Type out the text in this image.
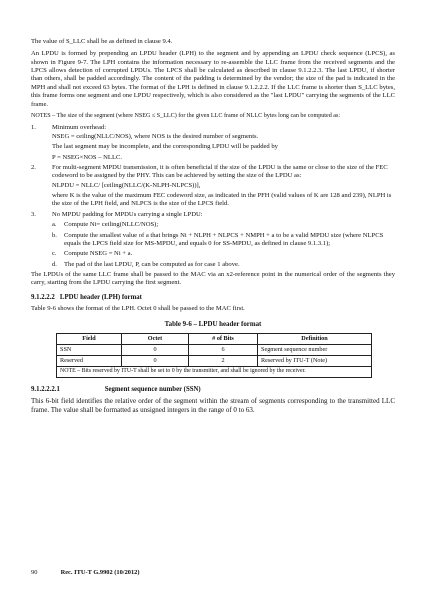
The value of S_LLC shall be as defined in clause 9.4.

An LPDU is formed by prepending an LPDU header (LPH) to the segment and by appending an LPDU check sequence (LPCS), as shown in Figure 9-7. The LPH contains the information necessary to re-assemble the LLC frame from the received segments and the LPCS allows detection of corrupted LPDUs. The LPCS shall be calculated as described in clause 9.1.2.2.3. The last LPDU, if shorter than others, shall be padded accordingly. The content of the padding is determined by the vendor; the size of the pad is indicated in the MPH and shall not exceed 63 bytes. The format of the LPH is defined in clause 9.1.2.2.2. If the LLC frame is shorter than S_LLC bytes, this frame forms one segment and one LPDU respectively, which is also considered as the "last LPDU" carrying the segments of the LLC frame.

NOTES – The size of the segment (where NSEG ≤ S_LLC) for the given LLC frame of NLLC bytes long can be computed as:

1. Minimum overhead:
NSEG = ceiling(NLLC/NOS), where NOS is the desired number of segments.
The last segment may be incomplete, and the corresponding LPDU will be padded by
P = NSEG×NOS – NLLC.
2. For multi-segment MPDU transmission, it is often beneficial if the size of the LPDU is the same or close to the size of the FEC codeword to be assigned by the PHY. This can be achieved by setting the size of the LPDU as:
NLPDU = NLLC/ [ceiling(NLLC/(K-NLPH-NLPCS))],
where K is the value of the maximum FEC codeword size, as indicated in the PFH (valid values of K are 128 and 239), NLPH is the size of the LPH field, and NLPCS is the size of the LPCS field.
3. No MPDU padding for MPDUs carrying a single LPDU:
a. Compute Ni= ceiling(NLLC/NOS);
b. Compute the smallest value of a that brings Ni + NLPH + NLPCS + NMPH + a to be a valid MPDU size (where NLPCS equals the LPCS field size for MS-MPDU, and equals 0 for SS-MPDU, as defined in clause 9.1.3.1);
c. Compute NSEG = Ni + a.
d. The pad of the last LPDU, P, can be computed as for case 1 above.

The LPDUs of the same LLC frame shall be passed to the MAC via an x2-reference point in the numerical order of the segments they carry, starting from the LPDU carrying the first segment.

9.1.2.2.2 LPDU header (LPH) format

Table 9-6 shows the format of the LPH. Octet 0 shall be passed to the MAC first.

Table 9-6 – LPDU header format
Field	Octet	# of Bits	Definition
SSN	0	6	Segment sequence number
Reserved	0	2	Reserved by ITU-T (Note)
NOTE – Bits reserved by ITU-T shall be set to 0 by the transmitter, and shall be ignored by the receiver.			
9.1.2.2.2.1	Segment sequence number (SSN)

This 6-bit field identifies the relative order of the segment within the stream of segments corresponding to the transmitted LLC frame. The value shall be formatted as unsigned integers in the range of 0 to 63.

90	Rec. ITU-T G.9902 (10/2012)
